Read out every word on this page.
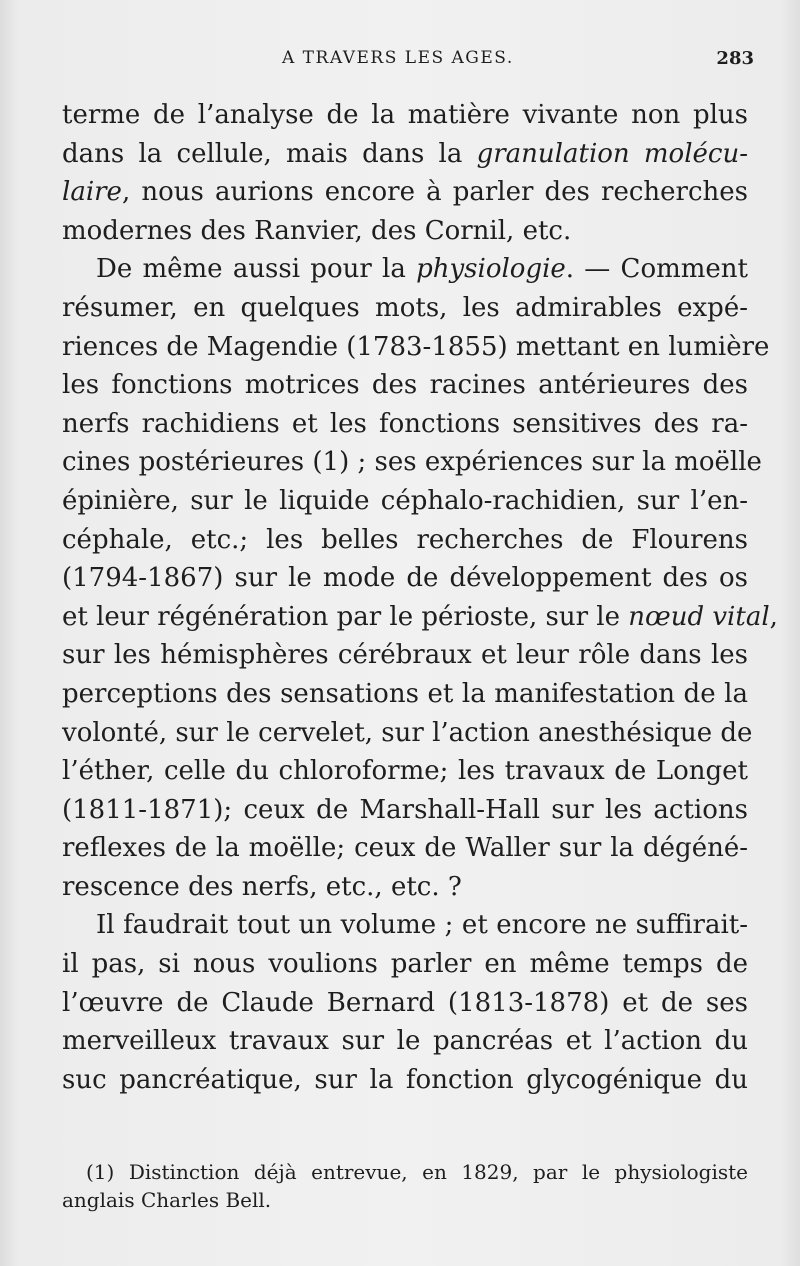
A TRAVERS LES AGES.	283
terme de l’analyse de la matière vivante non plus
dans la cellule, mais dans la granulation molécu-
laire, nous aurions encore à parler des recherches
modernes des Ranvier, des Cornil, etc.
De même aussi pour la physiologie. — Comment
résumer, en quelques mots, les admirables expé-
riences de Magendie (1783-1855) mettant en lumière
les fonctions motrices des racines antérieures des
nerfs rachidiens et les fonctions sensitives des ra-
cines postérieures (1) ; ses expériences sur la moëlle
épinière, sur le liquide céphalo-rachidien, sur l’en-
céphale, etc.; les belles recherches de Flourens
(1794-1867) sur le mode de développement des os
et leur régénération par le périoste, sur le nœud vital,
sur les hémisphères cérébraux et leur rôle dans les
perceptions des sensations et la manifestation de la
volonté, sur le cervelet, sur l’action anesthésique de
l’éther, celle du chloroforme; les travaux de Longet
(1811-1871); ceux de Marshall-Hall sur les actions
reflexes de la moëlle; ceux de Waller sur la dégéné-
rescence des nerfs, etc., etc. ?
Il faudrait tout un volume ; et encore ne suffirait-
il pas, si nous voulions parler en même temps de
l’œuvre de Claude Bernard (1813-1878) et de ses
merveilleux travaux sur le pancréas et l’action du
suc pancréatique, sur la fonction glycogénique du
(1) Distinction déjà entrevue, en 1829, par le physiologiste
anglais Charles Bell.
